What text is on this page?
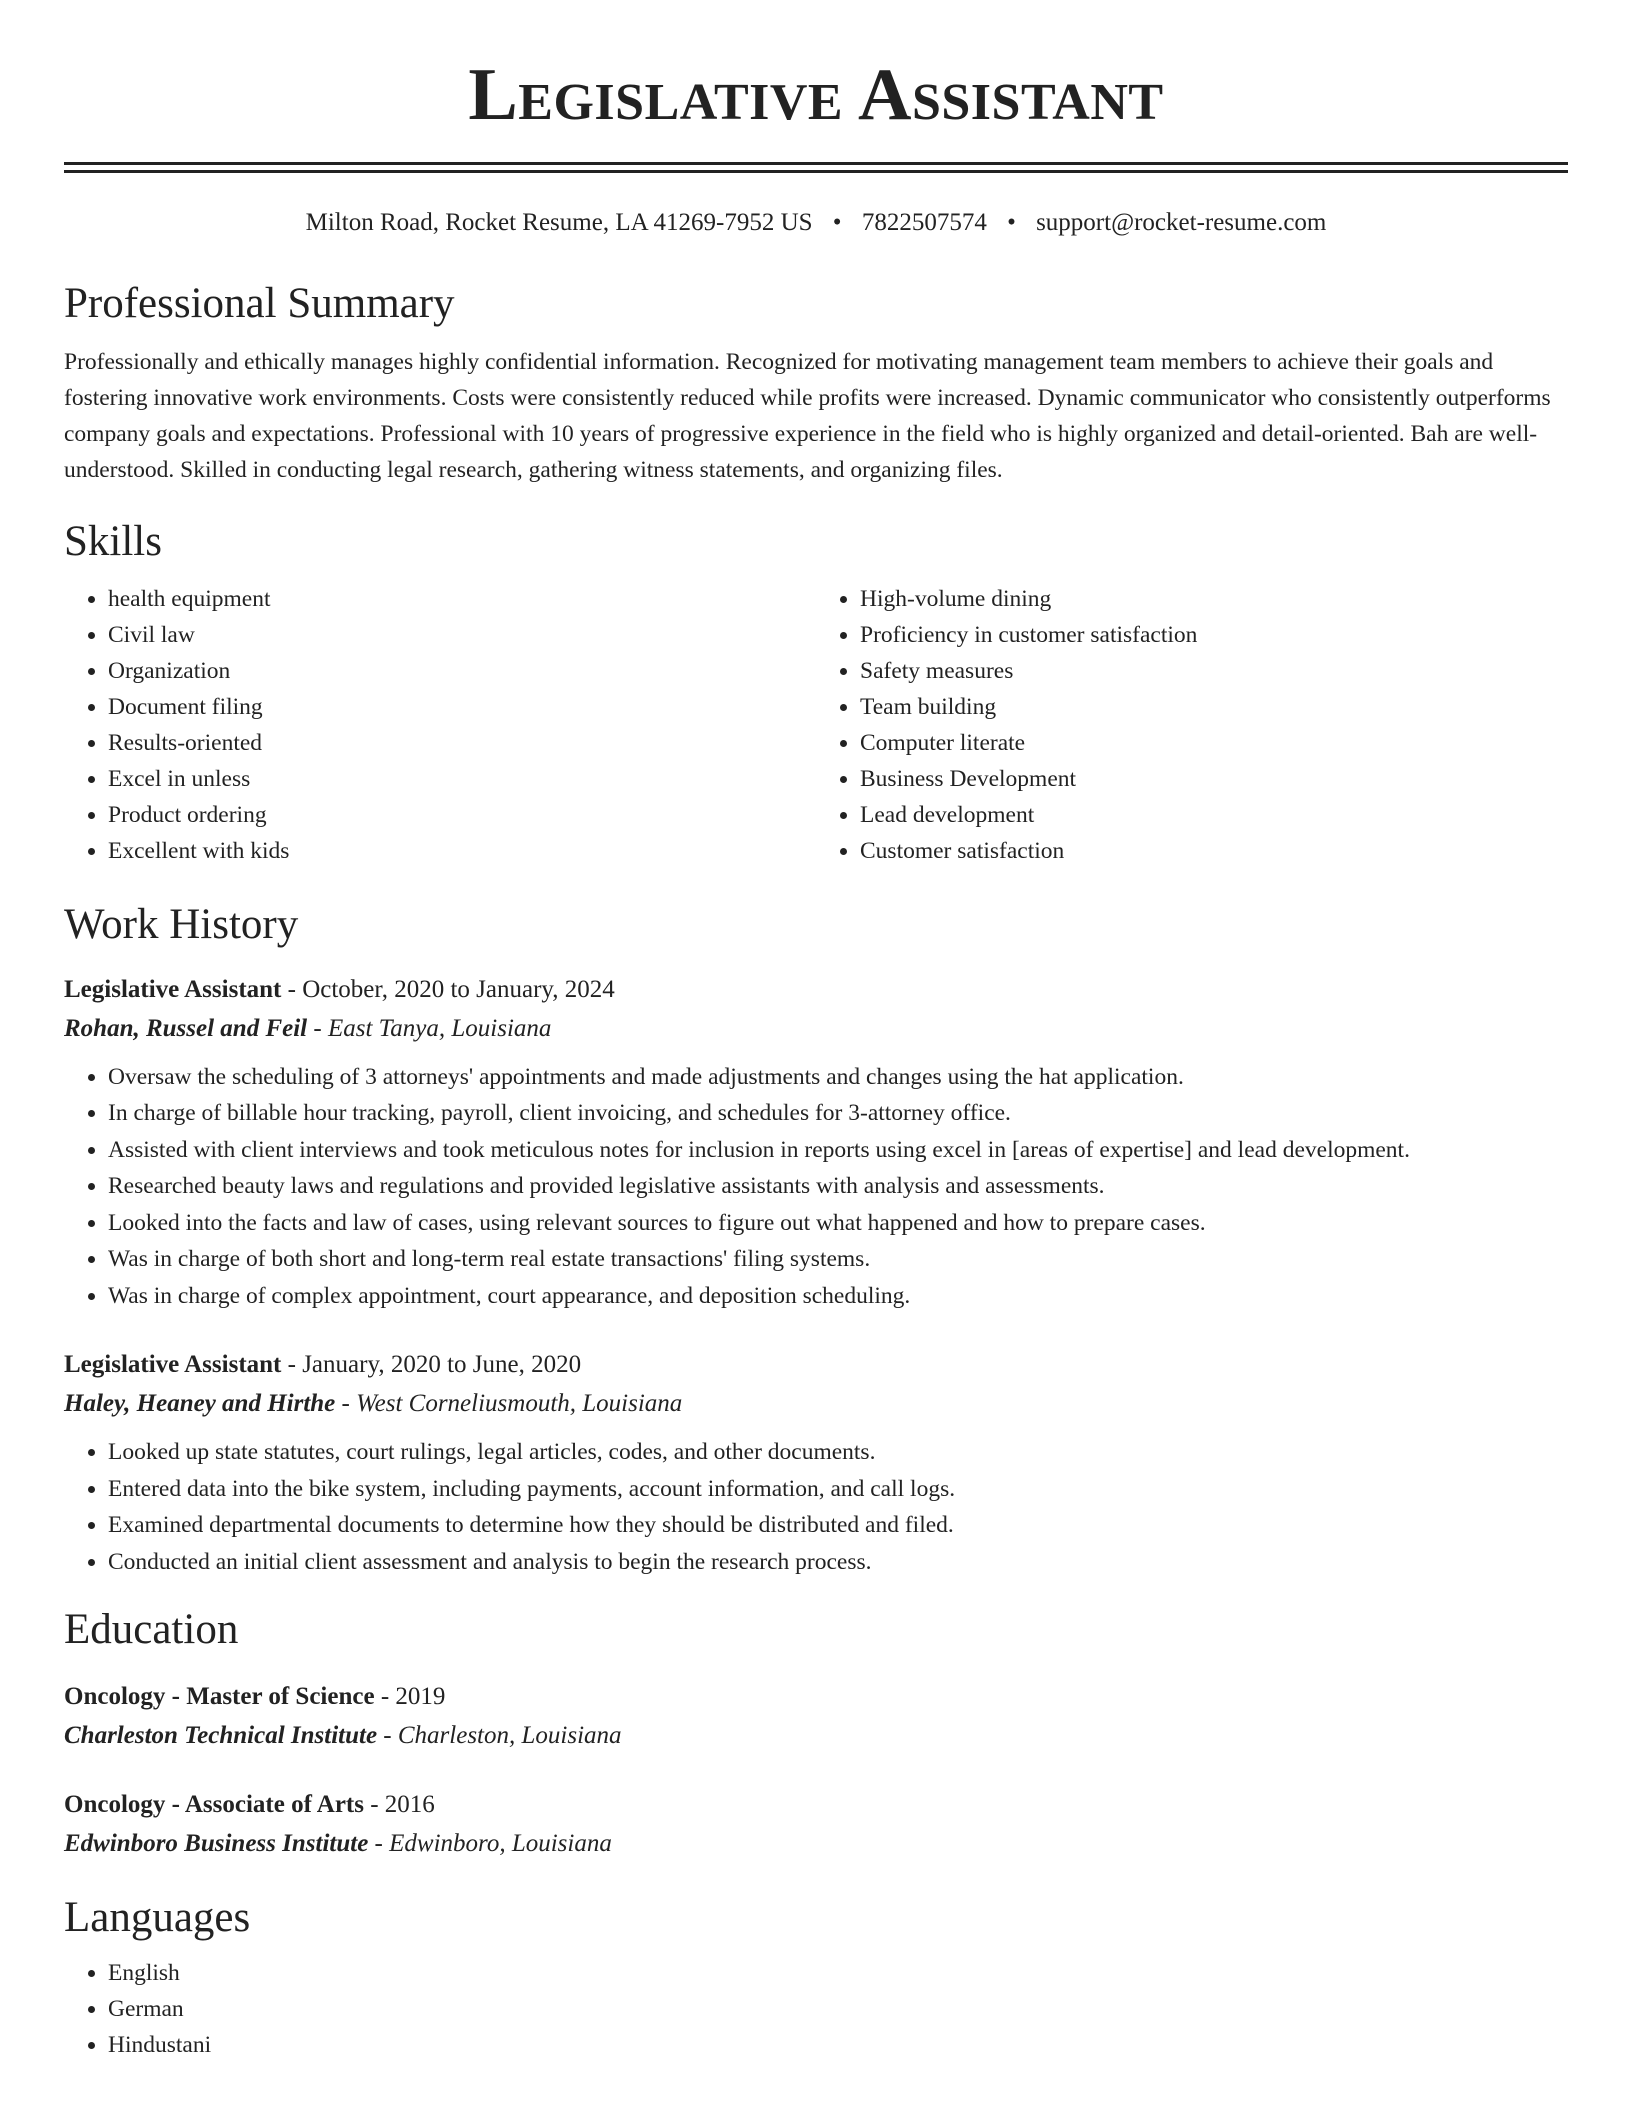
Legislative Assistant
Milton Road, Rocket Resume, LA 41269-7952 US • 7822507574 • support@rocket-resume.com
Professional Summary

Professionally and ethically manages highly confidential information. Recognized for motivating management team members to achieve their goals and fostering innovative work environments. Costs were consistently reduced while profits were increased. Dynamic communicator who consistently outperforms company goals and expectations. Professional with 10 years of progressive experience in the field who is highly organized and detail-oriented. Bah are well-understood. Skilled in conducting legal research, gathering witness statements, and organizing files.

Skills
• health equipment
• Civil law
• Organization
• Document filing
• Results-oriented
• Excel in unless
• Product ordering
• Excellent with kids
• High-volume dining
• Proficiency in customer satisfaction
• Safety measures
• Team building
• Computer literate
• Business Development
• Lead development
• Customer satisfaction
Work History
Legislative Assistant - October, 2020 to January, 2024
Rohan, Russel and Feil - East Tanya, Louisiana
• Oversaw the scheduling of 3 attorneys' appointments and made adjustments and changes using the hat application.
• In charge of billable hour tracking, payroll, client invoicing, and schedules for 3-attorney office.
• Assisted with client interviews and took meticulous notes for inclusion in reports using excel in [areas of expertise] and lead development.
• Researched beauty laws and regulations and provided legislative assistants with analysis and assessments.
• Looked into the facts and law of cases, using relevant sources to figure out what happened and how to prepare cases.
• Was in charge of both short and long-term real estate transactions' filing systems.
• Was in charge of complex appointment, court appearance, and deposition scheduling.
Legislative Assistant - January, 2020 to June, 2020
Haley, Heaney and Hirthe - West Corneliusmouth, Louisiana
• Looked up state statutes, court rulings, legal articles, codes, and other documents.
• Entered data into the bike system, including payments, account information, and call logs.
• Examined departmental documents to determine how they should be distributed and filed.
• Conducted an initial client assessment and analysis to begin the research process.
Education
Oncology - Master of Science - 2019
Charleston Technical Institute - Charleston, Louisiana
Oncology - Associate of Arts - 2016
Edwinboro Business Institute - Edwinboro, Louisiana
Languages
• English
• German
• Hindustani
